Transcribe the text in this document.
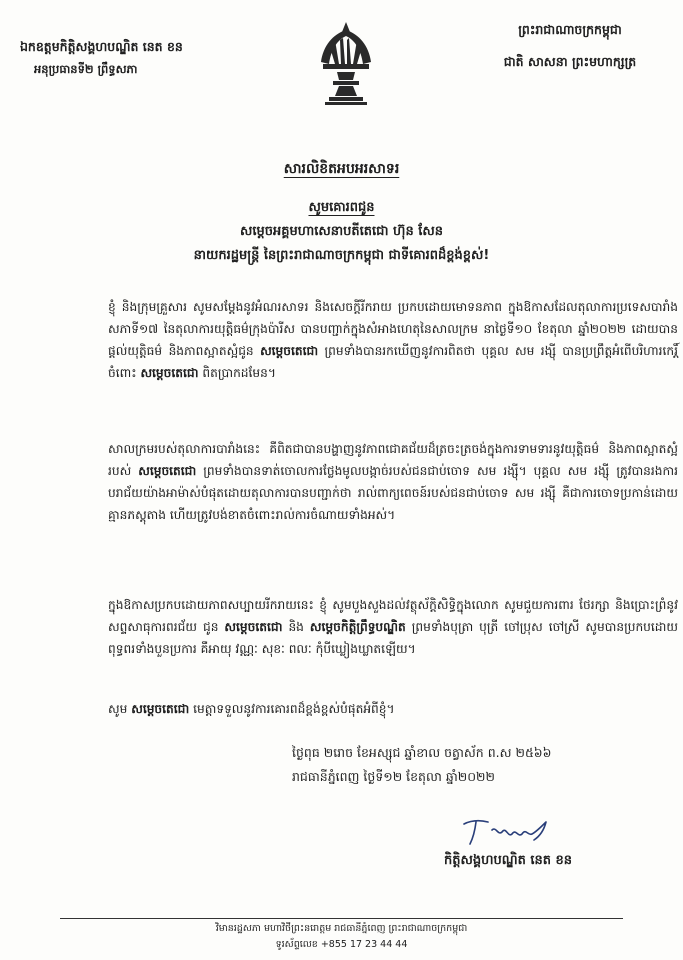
ឯកឧត្តមកិត្តិសង្គហបណ្ឌិត នេត ខន
អនុប្រធានទី២ ព្រឹទ្ធសភា
ព្រះរាជាណាចក្រកម្ពុជា
ជាតិ សាសនា ព្រះមហាក្សត្រ
សារលិខិតអបអរសាទរ
សូមគោរពជូន
សម្តេចអគ្គមហាសេនាបតីតេជោ ហ៊ុន សែន
នាយករដ្ឋមន្ត្រី នៃព្រះរាជាណាចក្រកម្ពុជា ជាទីគោរពដ៏ខ្ពង់ខ្ពស់!
ខ្ញុំ និងក្រុមគ្រួសារ សូមសម្តែងនូវអំណរសាទរ និងសេចក្តីរីករាយ ប្រកបដោយមោទនភាព ក្នុងឱកាសដែលតុលាការប្រទេសបារាំង សភាទី១៧ នៃតុលាការយុត្តិធម៌ក្រុងប៉ារីស បានបញ្ជាក់ក្នុងសំអាងហេតុនៃសាលក្រម នាថ្ងៃទី១០ ខែតុលា ឆ្នាំ២០២២ ដោយបានផ្តល់យុត្តិធម៌ និងភាពស្អាតស្អំជូន សម្តេចតេជោ ព្រមទាំងបានរកឃើញនូវការពិតថា បុគ្គល សម រង្ស៊ី បានប្រព្រឹត្តអំពើបរិហារកេរ្តិ៍ចំពោះ សម្តេចតេជោ ពិតប្រាកដមែន។
សាលក្រមរបស់តុលាការបារាំងនេះ គឺពិតជាបានបង្ហាញនូវភាពជោគជ័យដ៏ត្រចះត្រចង់ក្នុងការទាមទារនូវយុត្តិធម៌ និងភាពស្អាតស្អំរបស់ សម្តេចតេជោ ព្រមទាំងបានទាត់ចោលការថ្លែងមូលបង្កាច់របស់ជនជាប់ចោទ សម រង្ស៊ី។ បុគ្គល សម រង្ស៊ី ត្រូវបានរងការបរាជ័យយ៉ាងអាម៉ាស់បំផុតដោយតុលាការបានបញ្ជាក់ថា រាល់ពាក្យពេចន៍របស់ជនជាប់ចោទ សម រង្ស៊ី គឺជាការចោទប្រកាន់ដោយគ្មានភស្តុតាង ហើយត្រូវបង់ខាតចំពោះរាល់ការចំណាយទាំងអស់។
ក្នុងឱកាសប្រកបដោយភាពសប្បាយរីករាយនេះ ខ្ញុំ សូមបួងសួងដល់វត្ថុស័ក្តិសិទ្ធិក្នុងលោក សូមជួយការពារ ថែរក្សា និងប្រោះព្រំនូវសព្ទសាធុការពរជ័យ ជូន សម្តេចតេជោ និង សម្តេចកិត្តិព្រឹទ្ធបណ្ឌិត ព្រមទាំងបុត្រា បុត្រី ចៅប្រុស ចៅស្រី សូមបានប្រកបដោយពុទ្ធពរទាំងបួនប្រការ គឺអាយុ វណ្ណៈ សុខៈ ពលៈ កុំបីឃ្លៀងឃ្លាតឡើយ។
សូម សម្តេចតេជោ មេត្តាទទួលនូវការគោរពដ៏ខ្ពង់ខ្ពស់បំផុតអំពីខ្ញុំ។
ថ្ងៃពុធ ២រោច ខែអស្សុជ ឆ្នាំខាល ចត្វាស័ក ព.ស ២៥៦៦
រាជធានីភ្នំពេញ ថ្ងៃទី១២ ខែតុលា ឆ្នាំ២០២២
កិត្តិសង្គហបណ្ឌិត នេត ខន
វិមានរដ្ឋសភា មហាវិថីព្រះនរោត្តម រាជធានីភ្នំពេញ ព្រះរាជាណាចក្រកម្ពុជា
ទូរស័ព្ទលេខ +855 17 23 44 44
